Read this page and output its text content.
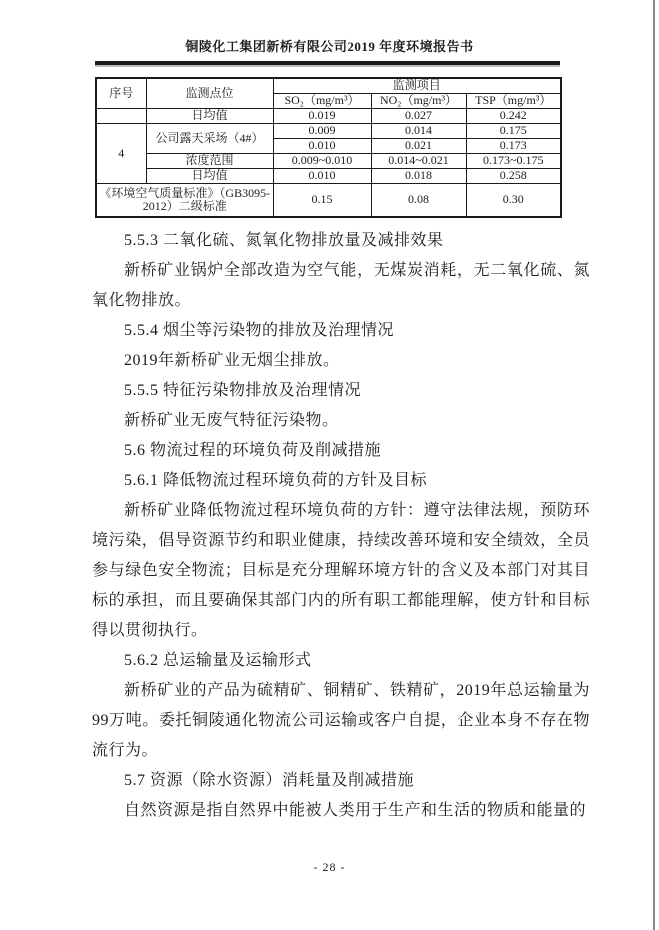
铜陵化工集团新桥有限公司2019 年度环境报告书
序号	监测点位	监测项目		
		SO₂（mg/m³）	NO₂（mg/m³）	TSP（mg/m³）
	日均值	0.019	0.027	0.242
4	公司露天采场（4#）	0.009	0.014	0.175
		0.010	0.021	0.173
	浓度范围	0.009~0.010	0.014~0.021	0.173~0.175
	日均值	0.010	0.018	0.258
《环境空气质量标准》（GB3095-2012）二级标准		0.15	0.08	0.30

5.5.3 二氧化硫、氮氧化物排放量及减排效果

新桥矿业锅炉全部改造为空气能，无煤炭消耗，无二氧化硫、氮氧化物排放。

5.5.4 烟尘等污染物的排放及治理情况

2019年新桥矿业无烟尘排放。

5.5.5 特征污染物排放及治理情况

新桥矿业无废气特征污染物。

5.6 物流过程的环境负荷及削减措施

5.6.1 降低物流过程环境负荷的方针及目标

新桥矿业降低物流过程环境负荷的方针：遵守法律法规，预防环境污染，倡导资源节约和职业健康，持续改善环境和安全绩效，全员参与绿色安全物流；目标是充分理解环境方针的含义及本部门对其目标的承担，而且要确保其部门内的所有职工都能理解，使方针和目标得以贯彻执行。

5.6.2 总运输量及运输形式

新桥矿业的产品为硫精矿、铜精矿、铁精矿，2019年总运输量为99万吨。委托铜陵通化物流公司运输或客户自提，企业本身不存在物流行为。

5.7 资源（除水资源）消耗量及削减措施

自然资源是指自然界中能被人类用于生产和生活的物质和能量的

- 28 -
